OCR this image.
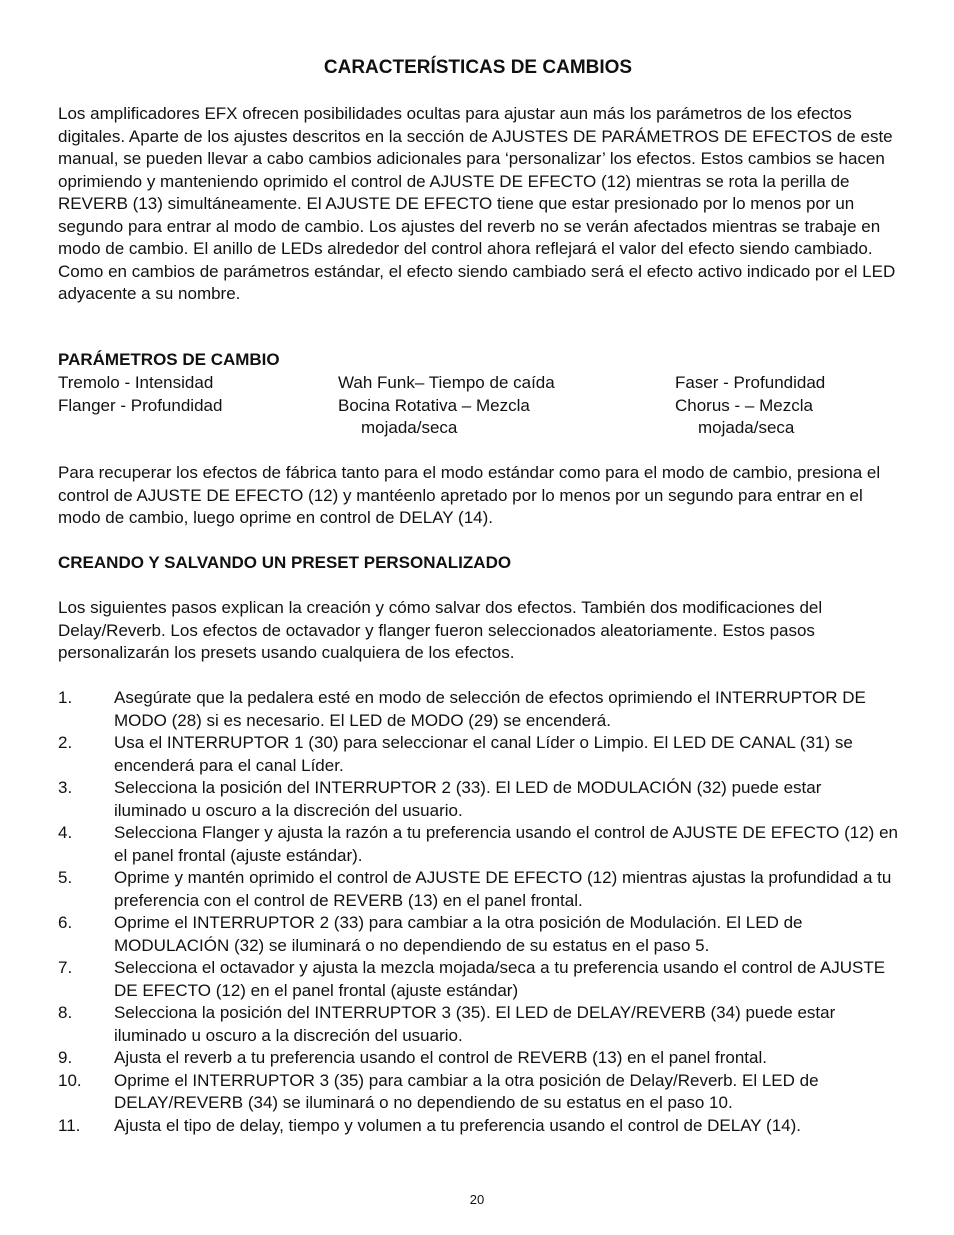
CARACTERÍSTICAS DE CAMBIOS

Los amplificadores EFX ofrecen posibilidades ocultas para ajustar aun más los parámetros de los efectos digitales. Aparte de los ajustes descritos en la sección de AJUSTES DE PARÁMETROS DE EFECTOS de este manual, se pueden llevar a cabo cambios adicionales para ‘personalizar’ los efectos. Estos cambios se hacen oprimiendo y manteniendo oprimido el control de AJUSTE DE EFECTO (12) mientras se rota la perilla de REVERB (13) simultáneamente. El AJUSTE DE EFECTO tiene que estar presionado por lo menos por un segundo para entrar al modo de cambio. Los ajustes del reverb no se verán afectados mientras se trabaje en modo de cambio. El anillo de LEDs alrededor del control ahora reflejará el valor del efecto siendo cambiado. Como en cambios de parámetros estándar, el efecto siendo cambiado será el efecto activo indicado por el LED adyacente a su nombre.

PARÁMETROS DE CAMBIO
Tremolo - Intensidad
Flanger - Profundidad
Wah Funk– Tiempo de caída
Bocina Rotativa – Mezcla
mojada/seca
Faser - Profundidad
Chorus - – Mezcla
mojada/seca

Para recuperar los efectos de fábrica tanto para el modo estándar como para el modo de cambio, presiona el control de AJUSTE DE EFECTO (12) y mantéenlo apretado por lo menos por un segundo para entrar en el modo de cambio, luego oprime en control de DELAY (14).

CREANDO Y SALVANDO UN PRESET PERSONALIZADO

Los siguientes pasos explican la creación y cómo salvar dos efectos. También dos modificaciones del Delay/Reverb. Los efectos de octavador y flanger fueron seleccionados aleatoriamente. Estos pasos personalizarán los presets usando cualquiera de los efectos.

1. Asegúrate que la pedalera esté en modo de selección de efectos oprimiendo el INTERRUPTOR DE MODO (28) si es necesario. El LED de MODO (29) se encenderá.
2. Usa el INTERRUPTOR 1 (30) para seleccionar el canal Líder o Limpio. El LED DE CANAL (31) se encenderá para el canal Líder.
3. Selecciona la posición del INTERRUPTOR 2 (33). El LED de MODULACIÓN (32) puede estar iluminado u oscuro a la discreción del usuario.
4. Selecciona Flanger y ajusta la razón a tu preferencia usando el control de AJUSTE DE EFECTO (12) en el panel frontal (ajuste estándar).
5. Oprime y mantén oprimido el control de AJUSTE DE EFECTO (12) mientras ajustas la profundidad a tu preferencia con el control de REVERB (13) en el panel frontal.
6. Oprime el INTERRUPTOR 2 (33) para cambiar a la otra posición de Modulación. El LED de MODULACIÓN (32) se iluminará o no dependiendo de su estatus en el paso 5.
7. Selecciona el octavador y ajusta la mezcla mojada/seca a tu preferencia usando el control de AJUSTE DE EFECTO (12) en el panel frontal (ajuste estándar)
8. Selecciona la posición del INTERRUPTOR 3 (35). El LED de DELAY/REVERB (34) puede estar iluminado u oscuro a la discreción del usuario.
9. Ajusta el reverb a tu preferencia usando el control de REVERB (13) en el panel frontal.
10. Oprime el INTERRUPTOR 3 (35) para cambiar a la otra posición de Delay/Reverb. El LED de DELAY/REVERB (34) se iluminará o no dependiendo de su estatus en el paso 10.
11. Ajusta el tipo de delay, tiempo y volumen a tu preferencia usando el control de DELAY (14).
20
